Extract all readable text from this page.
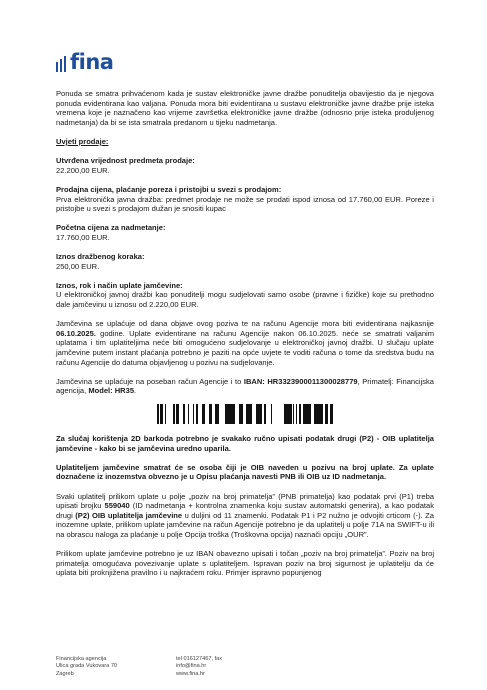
fina

Ponuda se smatra prihvaćenom kada je sustav elektroničke javne dražbe ponuditelja obavijestio da je njegova ponuda evidentirana kao valjana. Ponuda mora biti evidentirana u sustavu elektroničke javne dražbe prije isteka vremena koje je naznačeno kao vrijeme završetka elektroničke javne dražbe (odnosno prije isteka produljenog nadmetanja) da bi se ista smatrala predanom u tijeku nadmetanja.

Uvjeti prodaje:

Utvrđena vrijednost predmeta prodaje:

22.200,00 EUR.

Prodajna cijena, plaćanje poreza i pristojbi u svezi s prodajom:

Prva elektronička javna dražba: predmet prodaje ne može se prodati ispod iznosa od 17.760,00 EUR. Poreze i pristojbe u svezi s prodajom dužan je snositi kupac

Početna cijena za nadmetanje:

17.760,00 EUR.

Iznos dražbenog koraka:

250,00 EUR.

Iznos, rok i način uplate jamčevine:

U elektroničkoj javnoj dražbi kao ponuditelji mogu sudjelovati samo osobe (pravne i fizičke) koje su prethodno dale jamčevinu u iznosu od 2.220,00 EUR.

Jamčevina se uplaćuje od dana objave ovog poziva te na računu Agencije mora biti evidentirana najkasnije 06.10.2025. godine. Uplate evidentirane na računu Agencije nakon 06.10.2025. neće se smatrati valjanim uplatama i tim uplatiteljima neće biti omogućeno sudjelovanje u elektroničkoj javnoj dražbi. U slučaju uplate jamčevine putem instant plaćanja potrebno je paziti na opće uvjete te voditi računa o tome da sredstva budu na računu Agencije do datuma objavljenog u pozivu na sudjelovanje.

Jamčevina se uplaćuje na poseban račun Agencije i to IBAN: HR3323900011300028779, Primatelj: Financijska agencija, Model: HR35.

Za slučaj korištenja 2D barkoda potrebno je svakako ručno upisati podatak drugi (P2) - OIB uplatitelja jamčevine - kako bi se jamčevina uredno uparila.

Uplatiteljem jamčevine smatrat će se osoba čiji je OIB naveden u pozivu na broj uplate. Za uplate doznačene iz inozemstva obvezno je u Opisu plaćanja navesti PNB ili OIB uz ID nadmetanja.

Svaki uplatitelj prilikom uplate u polje „poziv na broj primatelja” (PNB primatelja) kao podatak prvi (P1) treba upisati brojku 559040 (ID nadmetanja + kontrolna znamenka koju sustav automatski generira), a kao podatak drugi (P2) OIB uplatitelja jamčevine u duljini od 11 znamenki. Podatak P1 i P2 nužno je odvojiti crticom (-). Za inozemne uplate, prilikom uplate jamčevine na račun Agencije potrebno je da uplatitelj u polje 71A na SWIFT-u ili na obrascu naloga za plaćanje u polje Opcija troška (Troškovna opcija) naznači opciju „OUR”.

Prilikom uplate jamčevine potrebno je uz IBAN obavezno upisati i točan „poziv na broj primatelja”. Poziv na broj primatelja omogućava povezivanje uplate s uplatiteljem. Ispravan poziv na broj sigurnost je uplatitelju da će uplata biti proknjižena pravilno i u najkraćem roku. Primjer ispravno popunjenog

Financijska agencija
Ulica grada Vukovara 70
Zagreb
tel 016127467, fax
info@fina.hr
www.fina.hr
